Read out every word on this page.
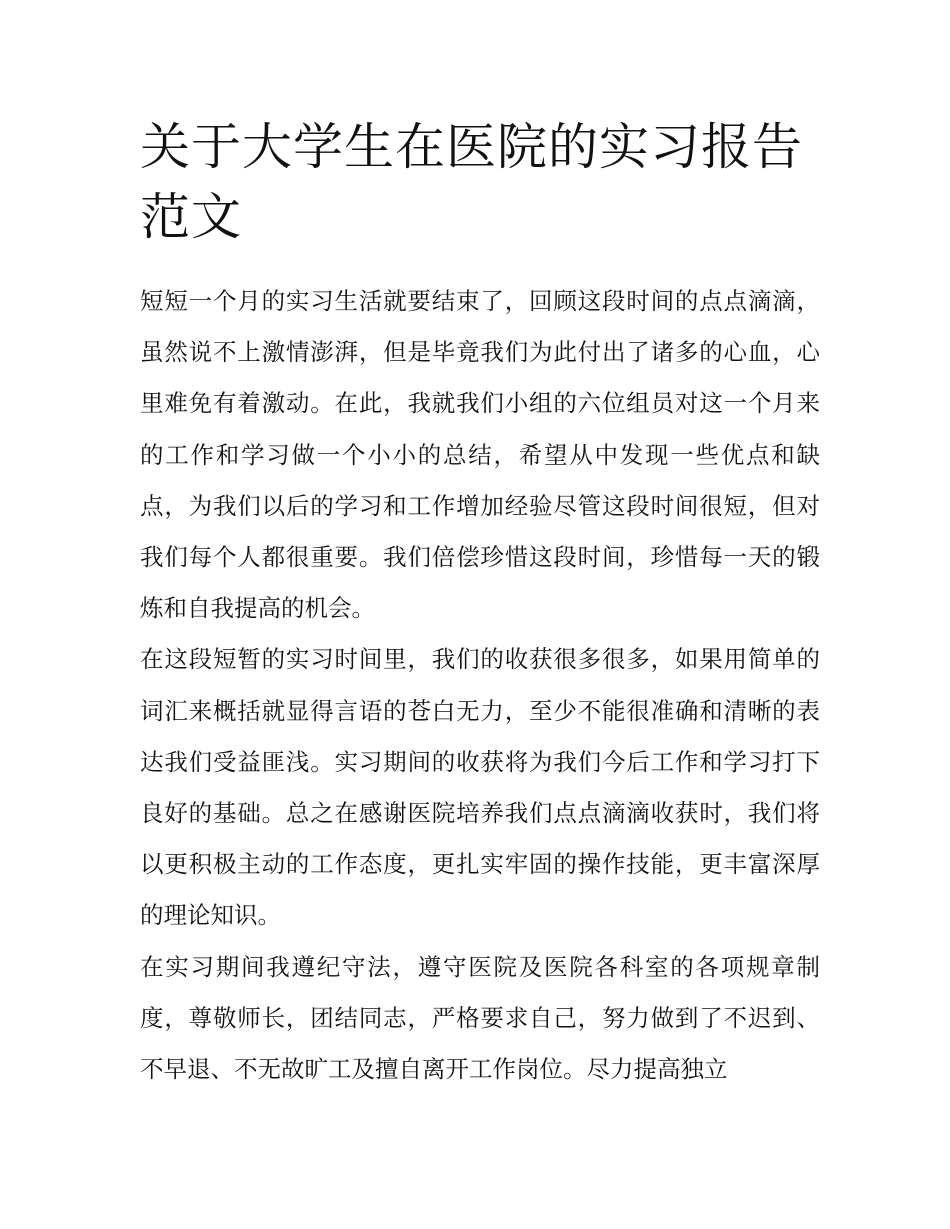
关于大学生在医院的实习报告范文

短短一个月的实习生活就要结束了，回顾这段时间的点点滴滴，虽然说不上激情澎湃，但是毕竟我们为此付出了诸多的心血，心里难免有着激动。在此，我就我们小组的六位组员对这一个月来的工作和学习做一个小小的总结，希望从中发现一些优点和缺点，为我们以后的学习和工作增加经验尽管这段时间很短，但对我们每个人都很重要。我们倍偿珍惜这段时间，珍惜每一天的锻炼和自我提高的机会。

在这段短暂的实习时间里，我们的收获很多很多，如果用简单的词汇来概括就显得言语的苍白无力，至少不能很准确和清晰的表达我们受益匪浅。实习期间的收获将为我们今后工作和学习打下良好的基础。总之在感谢医院培养我们点点滴滴收获时，我们将以更积极主动的工作态度，更扎实牢固的操作技能，更丰富深厚的理论知识。

在实习期间我遵纪守法，遵守医院及医院各科室的各项规章制度，尊敬师长，团结同志，严格要求自己，努力做到了不迟到、不早退、不无故旷工及擅自离开工作岗位。尽力提高独立
